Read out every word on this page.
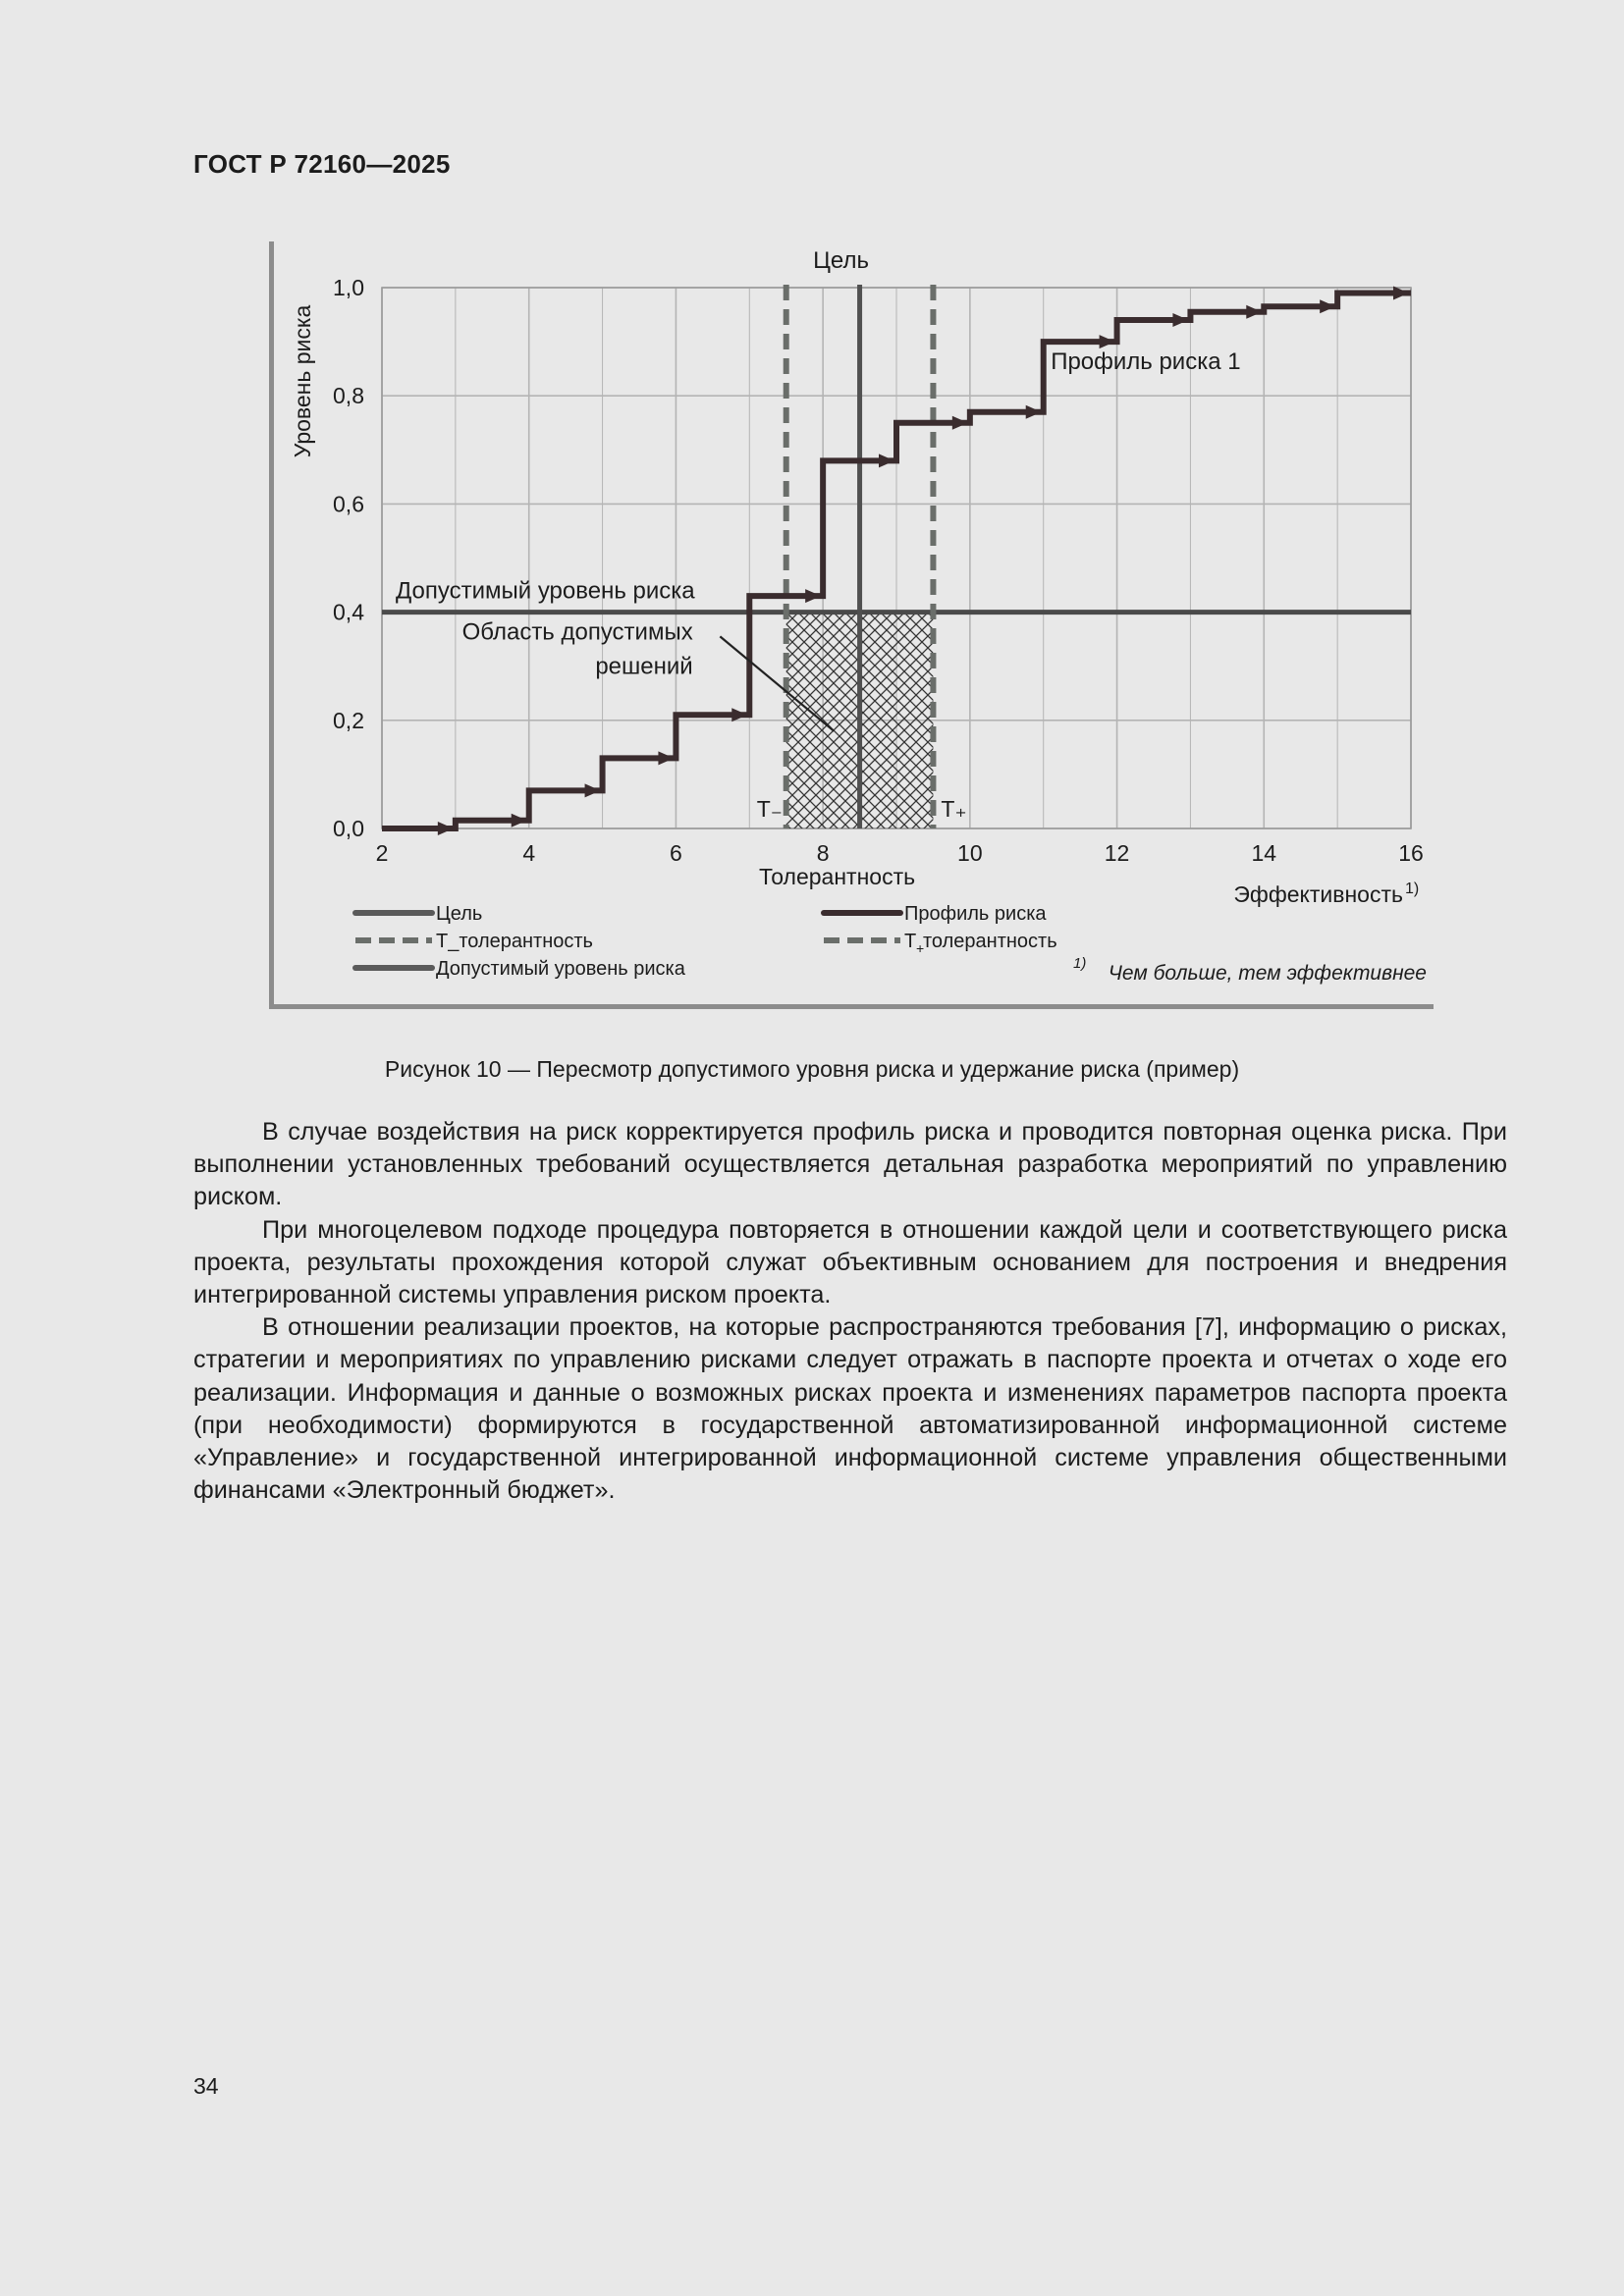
ГОСТ Р 72160—2025
2	4	6	8	10	12	14	16
0,0
0,2
0,4
0,6
0,8
1,0
Уровень риска
Эффективность 1)
Цель
Профиль риска 1
Допустимый уровень риска
Область допустимых
решений
T₋	T₊
Толерантность
Цель	Профиль риска
T_толерантность	T +
толерантность
Допустимый уровень риска	1) Чем больше, тем эффективнее
Рисунок 10 — Пересмотр допустимого уровня риска и удержание риска (пример)

В случае воздействия на риск корректируется профиль риска и проводится повторная оценка риска. При выполнении установленных требований осуществляется детальная разработка мероприятий по управлению риском.

При многоцелевом подходе процедура повторяется в отношении каждой цели и соответствующего риска проекта, результаты прохождения которой служат объективным основанием для построения и внедрения интегрированной системы управления риском проекта.

В отношении реализации проектов, на которые распространяются требования [7], информацию о рисках, стратегии и мероприятиях по управлению рисками следует отражать в паспорте проекта и отчетах о ходе его реализации. Информация и данные о возможных рисках проекта и изменениях параметров паспорта проекта (при необходимости) формируются в государственной автоматизированной информационной системе «Управление» и государственной интегрированной информационной системе управления общественными финансами «Электронный бюджет».

34
